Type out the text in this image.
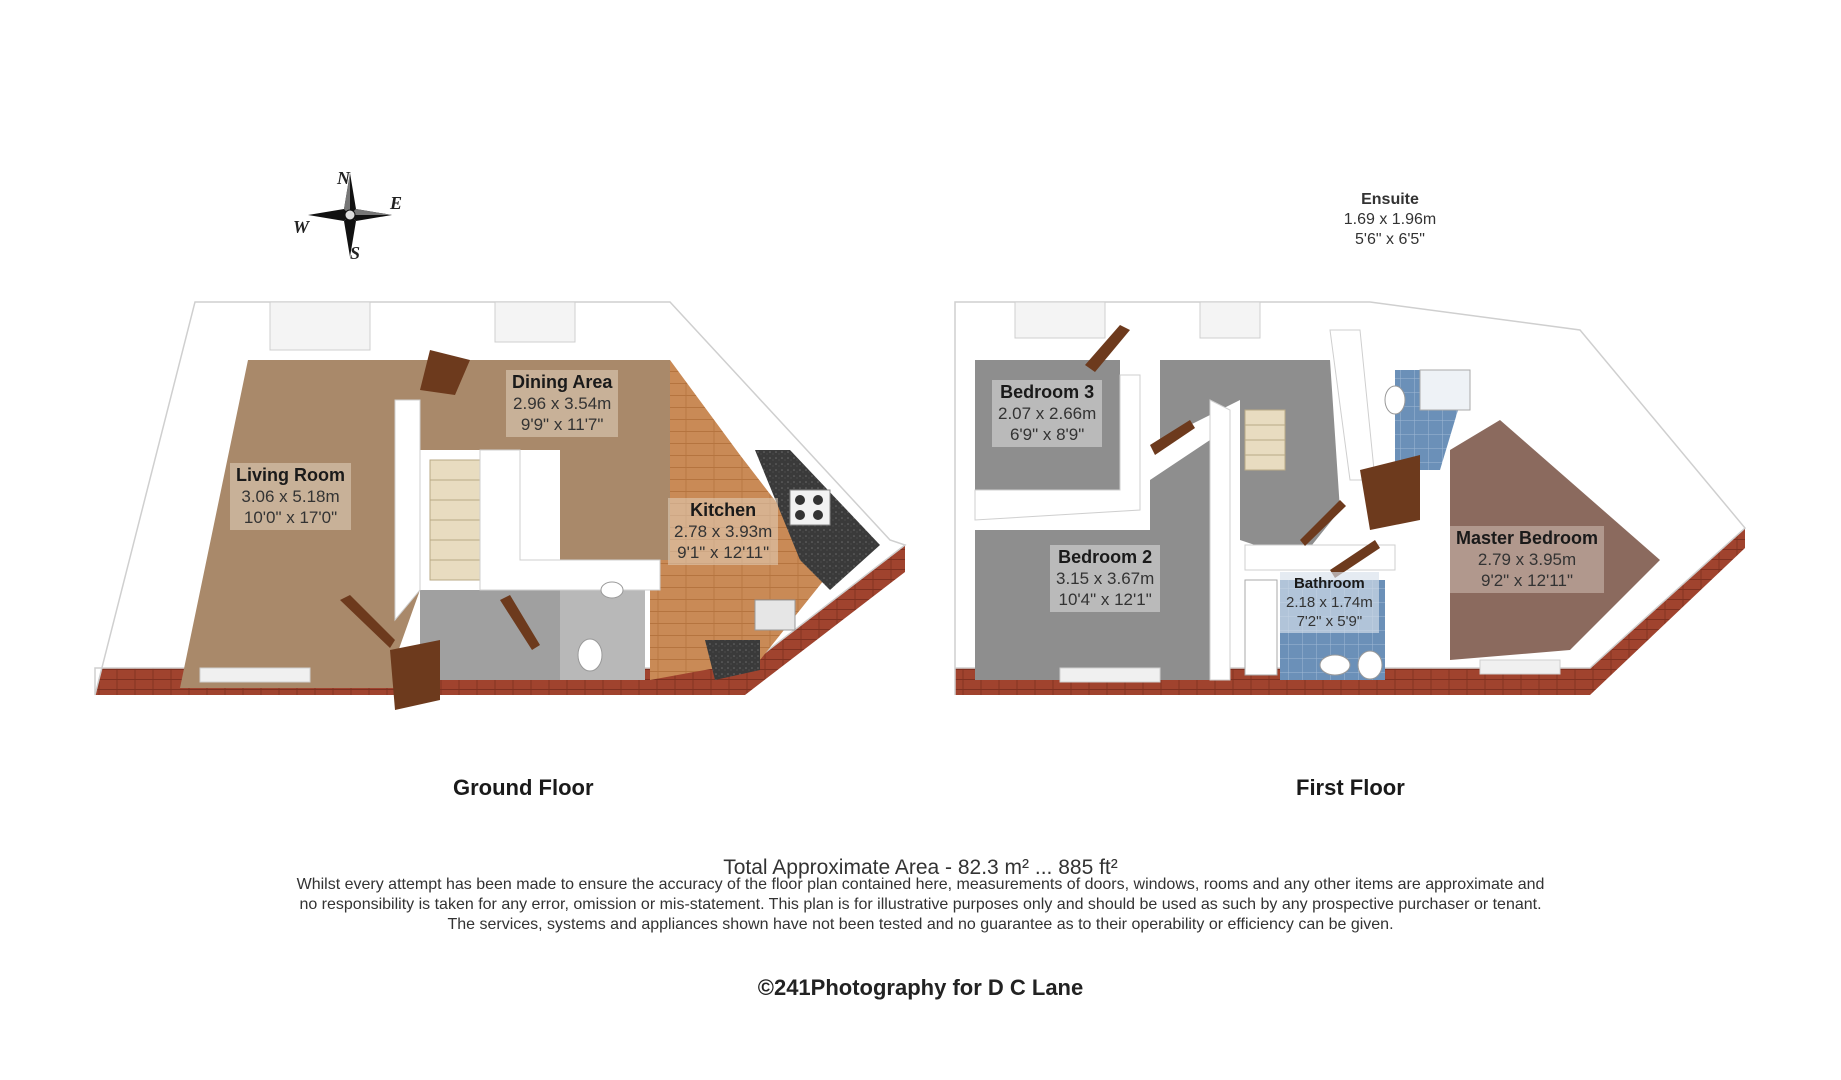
N
E
S
W
Living Room
3.06 x 5.18m
10'0" x 17'0"
Dining Area
2.96 x 3.54m
9'9" x 11'7"
Kitchen
2.78 x 3.93m
9'1" x 12'11"
Bedroom 3
2.07 x 2.66m
6'9" x 8'9"
Bedroom 2
3.15 x 3.67m
10'4" x 12'1"
Bathroom
2.18 x 1.74m
7'2" x 5'9"
Master Bedroom
2.79 x 3.95m
9'2" x 12'11"
Ensuite
1.69 x 1.96m
5'6" x 6'5"
Ground Floor	First Floor
Total Approximate Area - 82.3 m² ... 885 ft²
Whilst every attempt has been made to ensure the accuracy of the floor plan contained here, measurements of doors, windows, rooms and any other items are approximate and
no responsibility is taken for any error, omission or mis-statement. This plan is for illustrative purposes only and should be used as such by any prospective purchaser or tenant.
The services, systems and appliances shown have not been tested and no guarantee as to their operability or efficiency can be given.
©241Photography for D C Lane
